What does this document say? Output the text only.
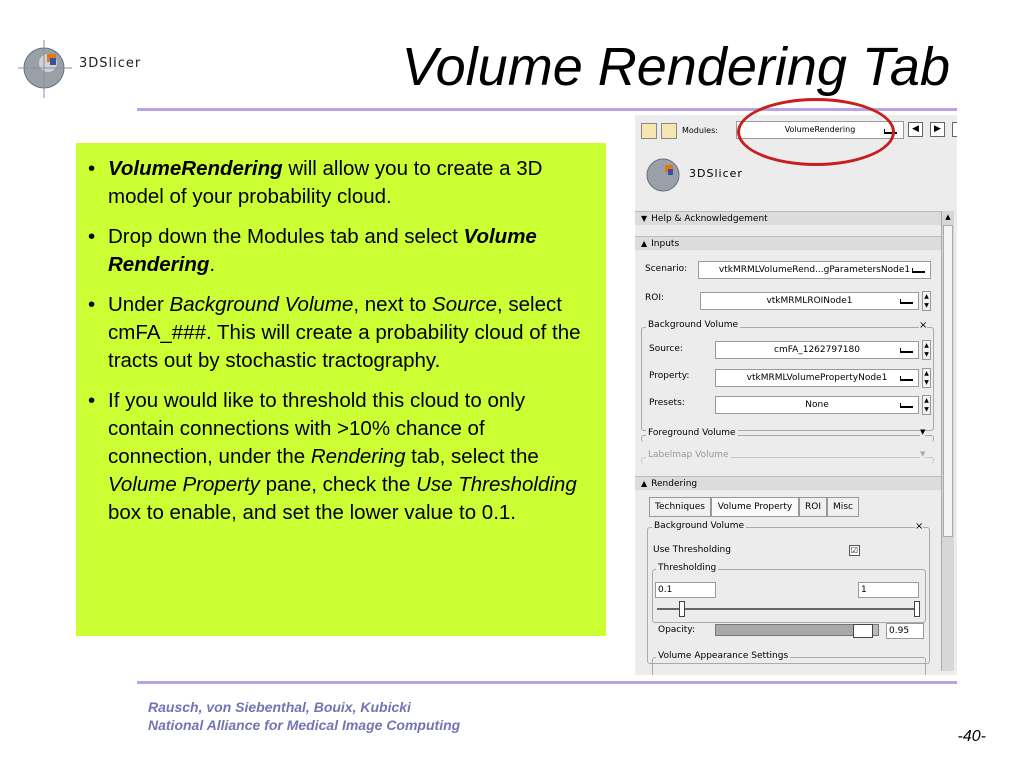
3DSlicer	Volume Rendering Tab
• VolumeRendering will allow you to create a 3D model of your probability cloud.
• Drop down the Modules tab and select Volume Rendering.
• Under Background Volume, next to Source, select cmFA_###. This will create a probability cloud of the tracts out by stochastic tractography.
• If you would like to threshold this cloud to only contain connections with >10% chance of connection, under the Rendering tab, select the Volume Property pane, check the Use Thresholding box to enable, and set the lower value to 0.1.
Modules:	VolumeRendering	◀	▶
3DSlicer
▼ Help & Acknowledgement
▲ Inputs
Scenario:	vtkMRMLVolumeRend...gParametersNode1
ROI:	vtkMRMLROINode1	▲
▼
Background Volume	×
Source:	cmFA_1262797180	▲
▼
Property:	vtkMRMLVolumePropertyNode1	▲
▼
Presets:	None	▲
▼
Foreground Volume	▼
Labelmap Volume	▼
▲ Rendering
Techniques	Volume Property	ROI	Misc
Background Volume	×
Use Thresholding	☑
Thresholding
0.1	1
Opacity:	0.95
Volume Appearance Settings
▲
Rausch, von Siebenthal, Bouix, Kubicki
National Alliance for Medical Image Computing
-40-
